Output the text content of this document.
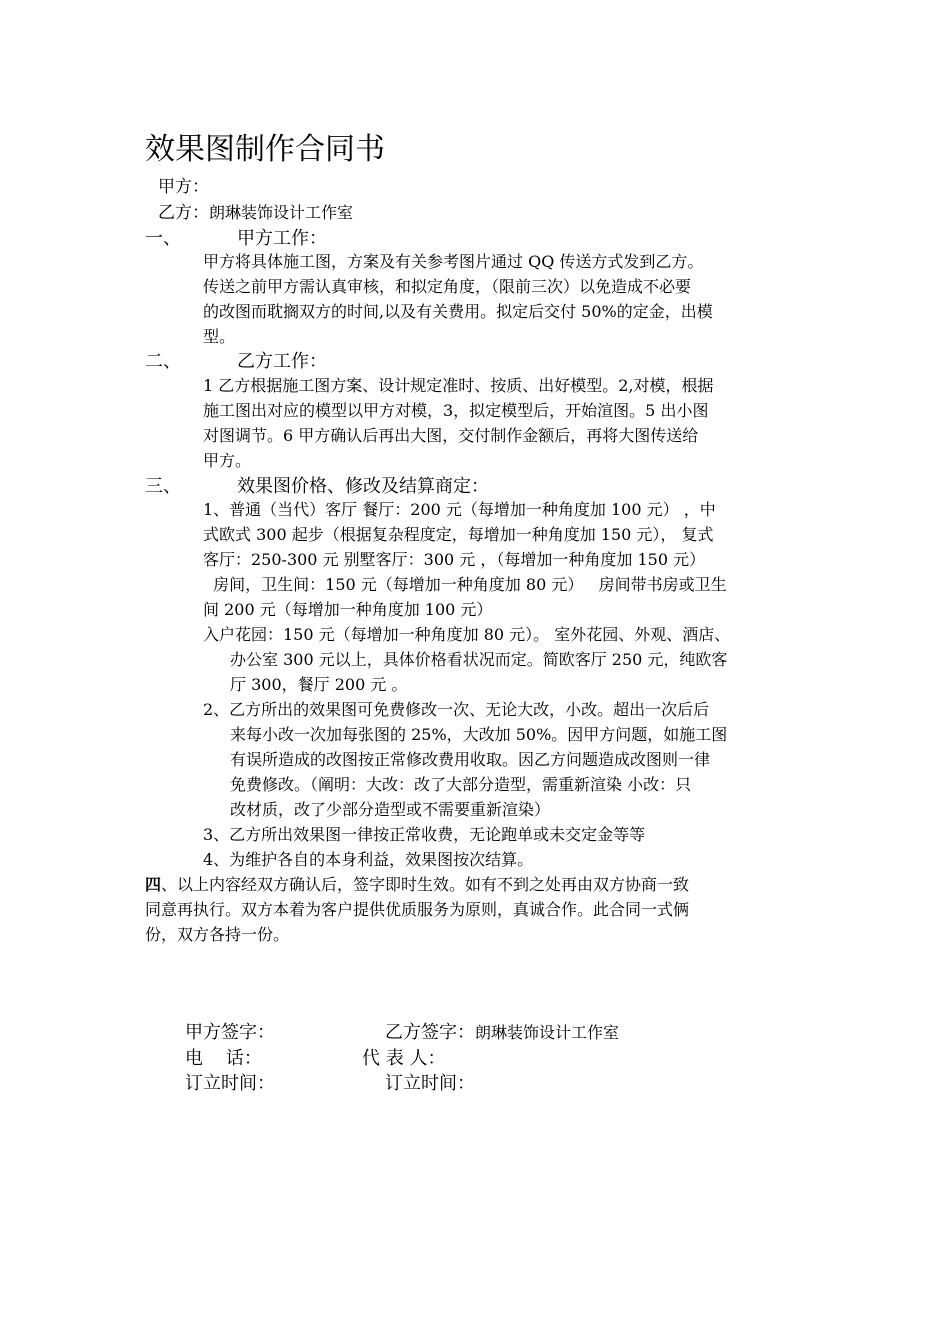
效果图制作合同书
甲方：
乙方：朗琳装饰设计工作室
一、	甲方工作：
甲方将具体施工图，方案及有关参考图片通过 QQ 传送方式发到乙方。
传送之前甲方需认真审核，和拟定角度，（限前三次）以免造成不必要
的改图而耽搁双方的时间,以及有关费用。拟定后交付 50%的定金，出模
型。
二、	乙方工作：
1 乙方根据施工图方案、设计规定准时、按质、出好模型。2,对模，根据
施工图出对应的模型以甲方对模，3，拟定模型后，开始渲图。5 出小图
对图调节。6 甲方确认后再出大图，交付制作金额后，再将大图传送给
甲方。
三、	效果图价格、修改及结算商定：
1、普通（当代）客厅 餐厅：200 元（每增加一种角度加 100 元） ，中
式欧式 300 起步（根据复杂程度定，每增加一种角度加 150 元）， 复式
客厅：250-300 元 别墅客厅：300 元 ，（每增加一种角度加 150 元）
房间，卫生间：150 元（每增加一种角度加 80 元）   房间带书房或卫生
间 200 元（每增加一种角度加 100 元）
入户花园：150 元（每增加一种角度加 80 元）。 室外花园、外观、酒店、
办公室 300 元以上，具体价格看状况而定。简欧客厅 250 元，纯欧客
厅 300，餐厅 200 元 。
2、乙方所出的效果图可免费修改一次、无论大改，小改。超出一次后后
来每小改一次加每张图的 25%，大改加 50%。因甲方问题，如施工图
有误所造成的改图按正常修改费用收取。因乙方问题造成改图则一律
免费修改。（阐明：大改：改了大部分造型，需重新渲染 小改：只
改材质，改了少部分造型或不需要重新渲染）
3、乙方所出效果图一律按正常收费，无论跑单或未交定金等等
4、为维护各自的本身利益，效果图按次结算。
四、以上内容经双方确认后，签字即时生效。如有不到之处再由双方协商一致
同意再执行。双方本着为客户提供优质服务为原则，真诚合作。此合同一式俩
份，双方各持一份。
甲方签字：	乙方签字：朗琳装饰设计工作室
电    话：	代 表 人：
订立时间：	订立时间：
